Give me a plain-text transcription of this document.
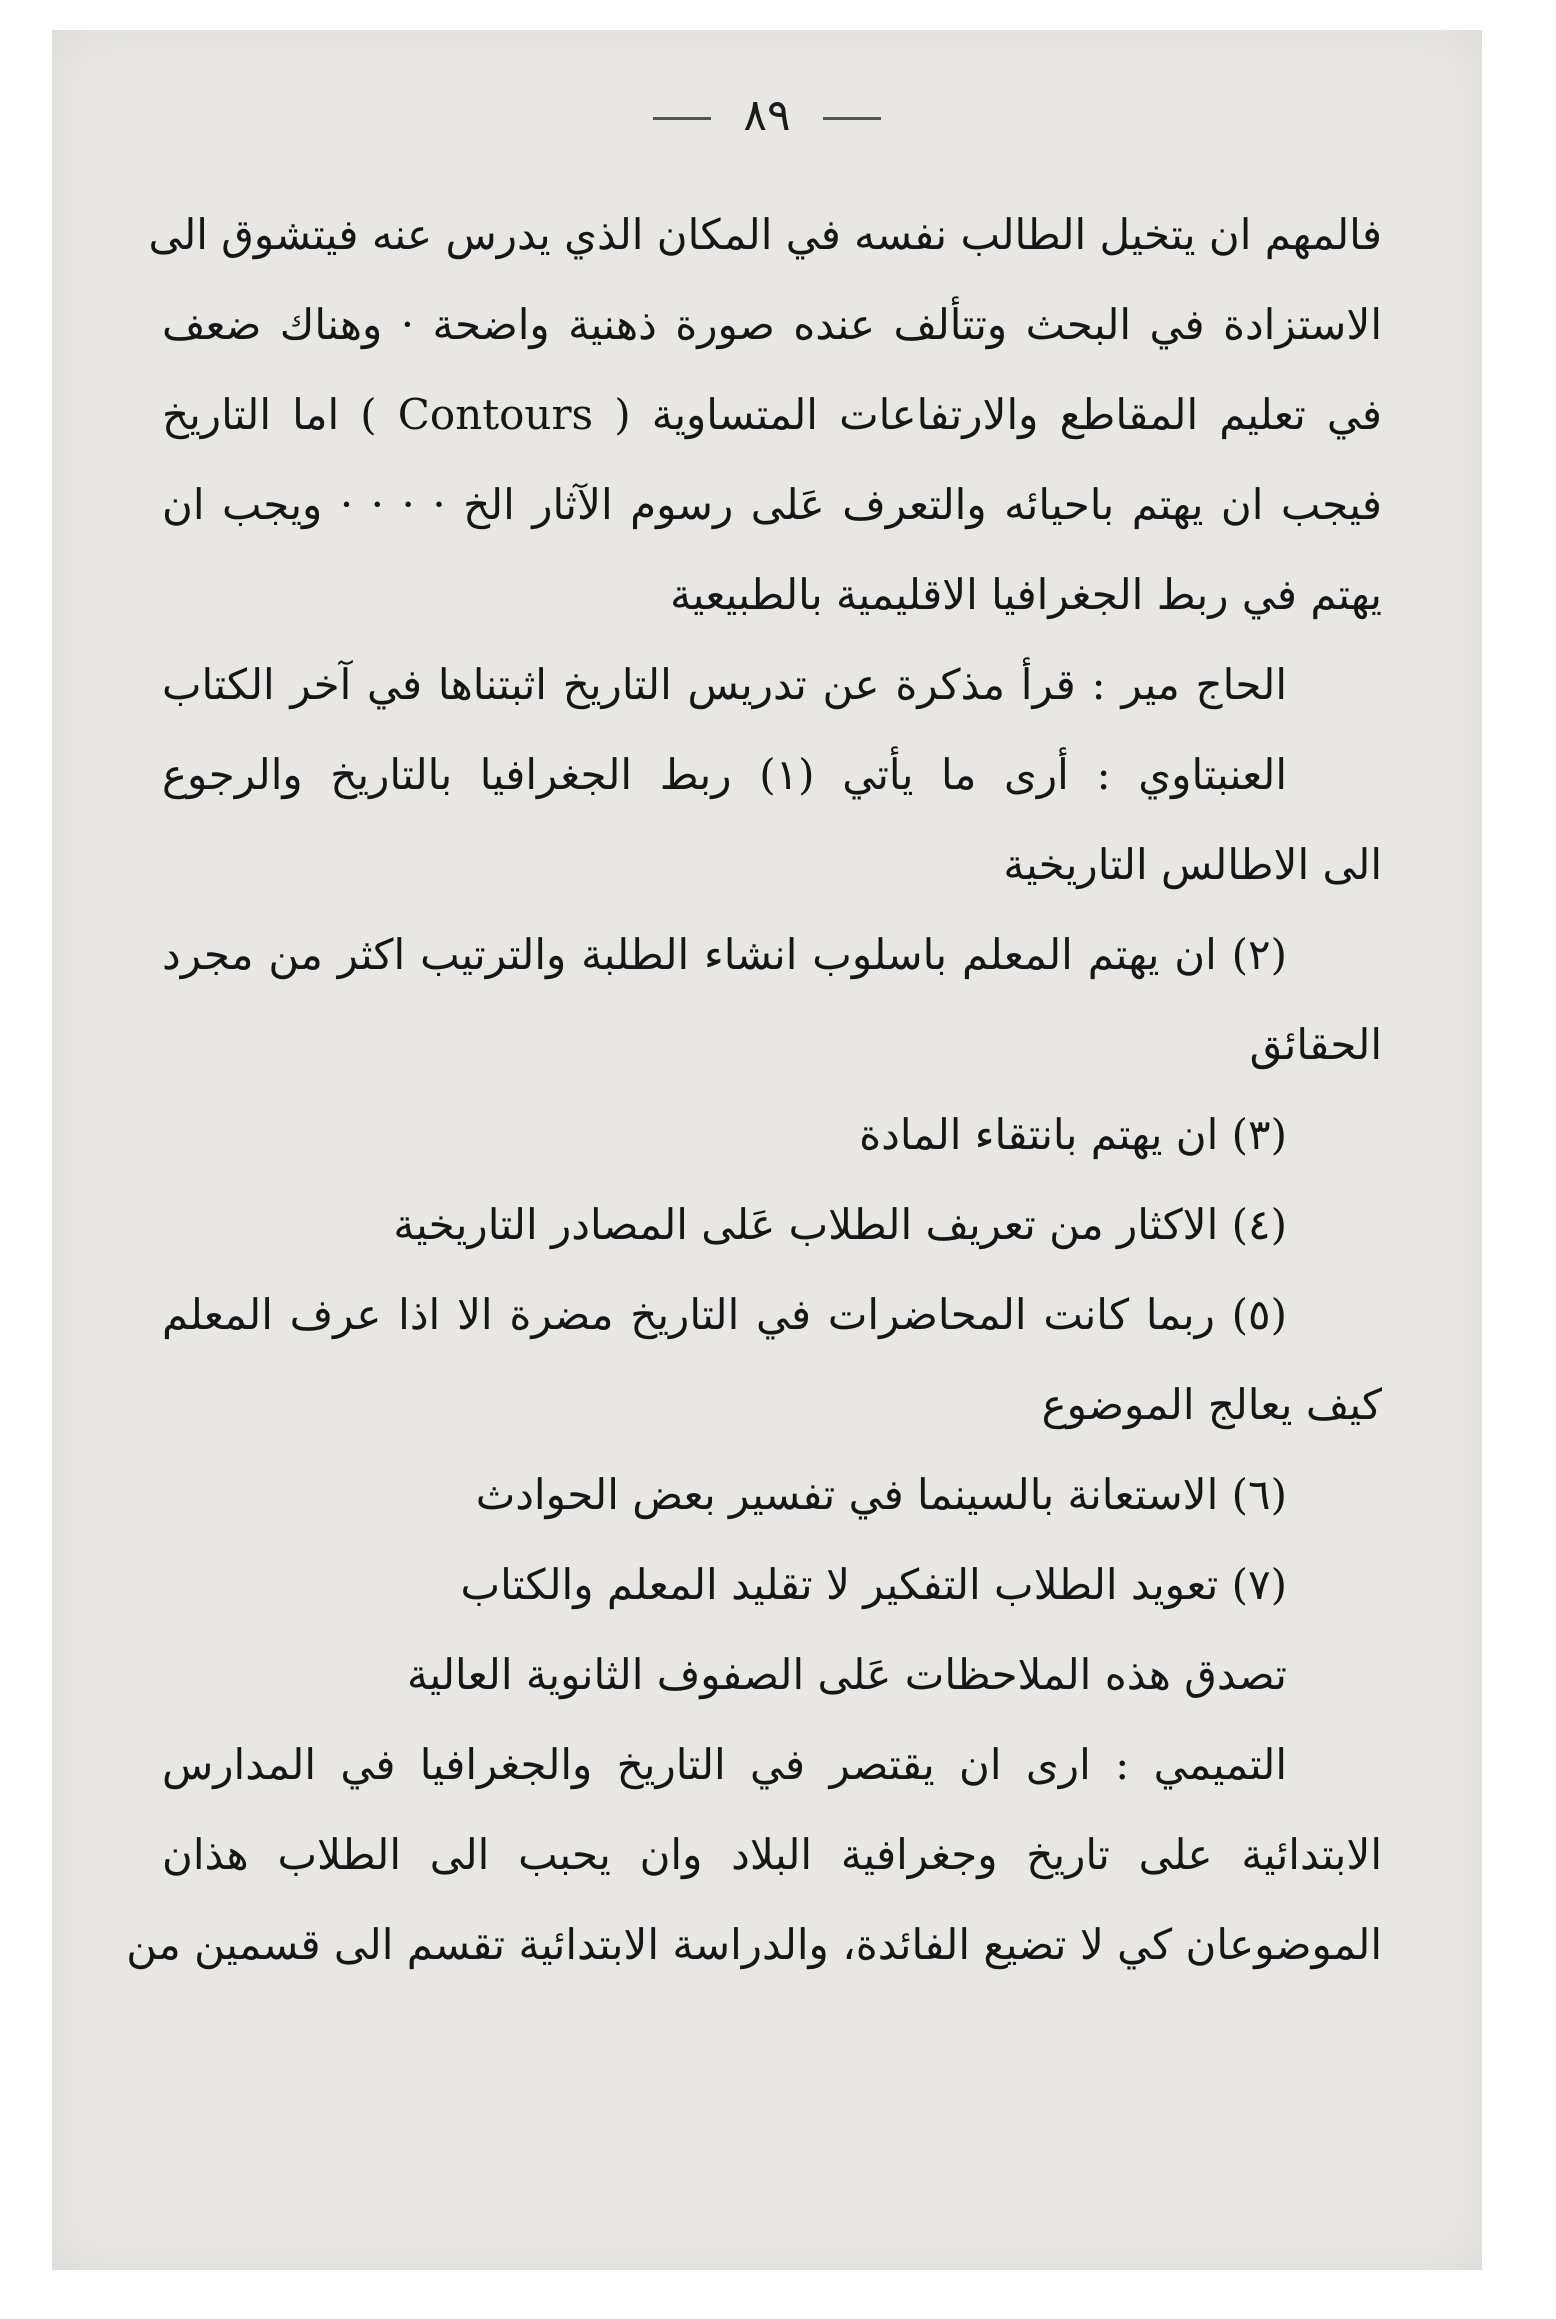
٨٩
فالمهم ان يتخيل الطالب نفسه في المكان الذي يدرس عنه فيتشوق الى
الاستزادة في البحث وتتألف عنده صورة ذهنية واضحة · وهناك ضعف
في تعليم المقاطع والارتفاعات المتساوية ( Contours ) اما التاريخ
فيجب ان يهتم باحيائه والتعرف عَلى رسوم الآثار الخ · · · · ويجب ان
يهتم في ربط الجغرافيا الاقليمية بالطبيعية
الحاج مير : قرأ مذكرة عن تدريس التاريخ اثبتناها في آخر الكتاب
العنبتاوي : أرى ما يأتي (١) ربط الجغرافيا بالتاريخ والرجوع
الى الاطالس التاريخية
(٢) ان يهتم المعلم باسلوب انشاء الطلبة والترتيب اكثر من مجرد
الحقائق
(٣) ان يهتم بانتقاء المادة
(٤) الاكثار من تعريف الطلاب عَلى المصادر التاريخية
(٥) ربما كانت المحاضرات في التاريخ مضرة الا اذا عرف المعلم
كيف يعالج الموضوع
(٦) الاستعانة بالسينما في تفسير بعض الحوادث
(٧) تعويد الطلاب التفكير لا تقليد المعلم والكتاب
تصدق هذه الملاحظات عَلى الصفوف الثانوية العالية
التميمي : ارى ان يقتصر في التاريخ والجغرافيا في المدارس
الابتدائية على تاريخ وجغرافية البلاد وان يحبب الى الطلاب هذان
الموضوعان كي لا تضيع الفائدة، والدراسة الابتدائية تقسم الى قسمين من
